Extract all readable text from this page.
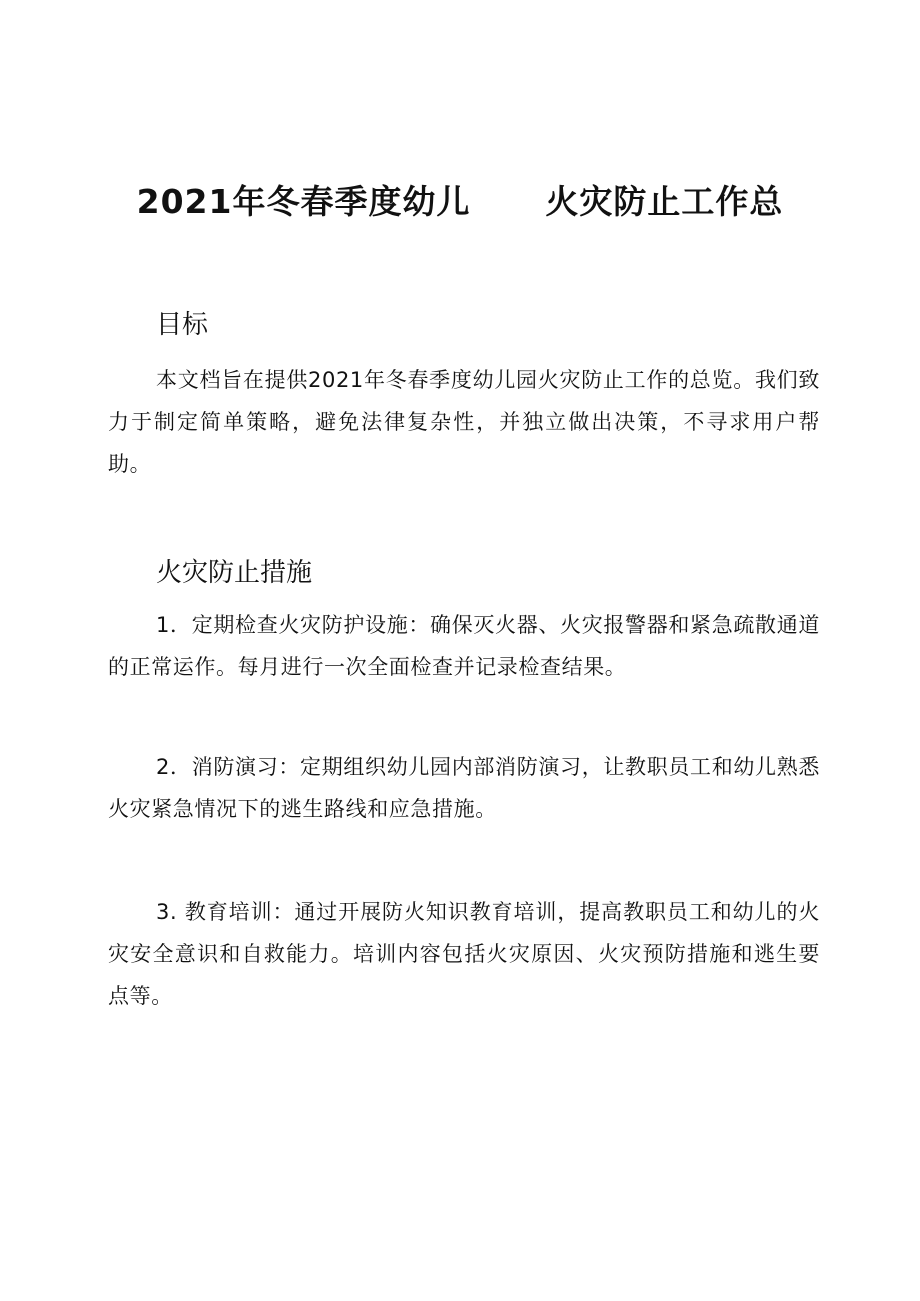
2021年冬春季度幼儿      火灾防止工作总
目标

本文档旨在提供2021年冬春季度幼儿园火灾防止工作的总览。我们致力于制定简单策略，避免法律复杂性，并独立做出决策，不寻求用户帮助。

火灾防止措施

1．定期检查火灾防护设施：确保灭火器、火灾报警器和紧急疏散通道的正常运作。每月进行一次全面检查并记录检查结果。

2．消防演习：定期组织幼儿园内部消防演习，让教职员工和幼儿熟悉火灾紧急情况下的逃生路线和应急措施。

3. 教育培训：通过开展防火知识教育培训，提高教职员工和幼儿的火灾安全意识和自救能力。培训内容包括火灾原因、火灾预防措施和逃生要点等。
